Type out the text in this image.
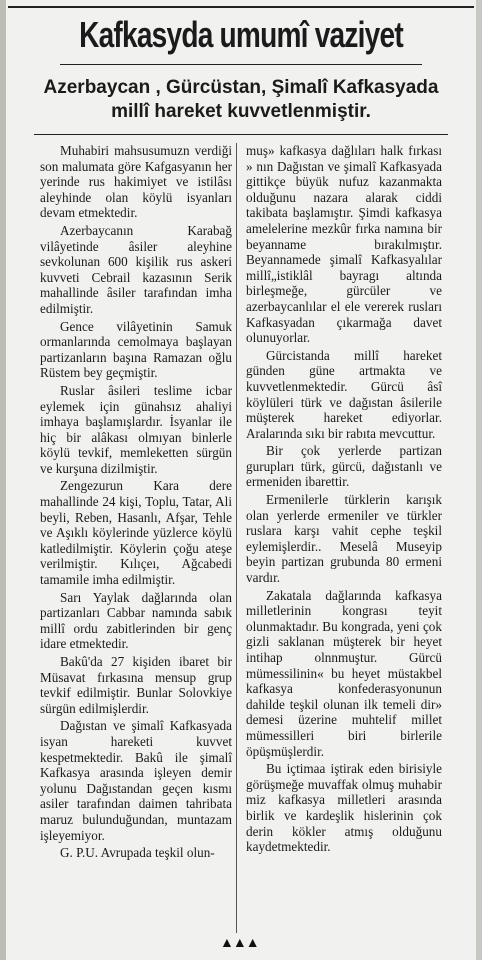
Kafkasyda umumî vaziyet
Azerbaycan , Gürcüstan, Şimalî Kafkasyada
millî hareket kuvvetlenmiştir.

Muhabiri mahsusumuzn verdiği son malumata göre Kafgasyanın her yerinde rus hakimiyet ve istilâsı aleyhinde olan köylü isyanları devam etmektedir.

Azerbaycanın Karabağ vilâyetinde âsiler aleyhine sevkolunan 600 kişilik rus askeri kuvveti Cebrail kazasının Serik mahallinde âsiler tarafından imha edilmiştir.

Gence vilâyetinin Samuk ormanlarında cemolmaya başlayan partizanların başına Ramazan oğlu Rüstem bey geçmiştir.

Ruslar âsileri teslime icbar eylemek için günahsız ahaliyi imhaya başlamışlardır. İsyanlar ile hiç bir alâkası olmıyan binlerle köylü tevkif, memleketten sürgün ve kurşuna dizilmiştir.

Zengezurun Kara dere mahallinde 24 kişi, Toplu, Tatar, Ali beyli, Reben, Hasanlı, Afşar, Tehle ve Aşıklı köylerinde yüzlerce köylü katledilmiştir. Köylerin çoğu ateşe verilmiştir. Kılıçeı, Ağcabedi tamamile imha edilmiştir.

Sarı Yaylak dağlarında olan partizanları Cabbar namında sabık millî ordu zabitlerinden bir genç idare etmektedir.

Bakû'da 27 kişiden ibaret bir Müsavat fırkasına mensup grup tevkif edilmiştir. Bunlar Solovkiye sürgün edilmişlerdir.

Dağıstan ve şimalî Kafkasyada isyan hareketi kuvvet kespetmektedir. Bakû ile şimalî Kafkasya arasında işleyen demir yolunu Dağıstandan geçen kısmı asiler tarafından daimen tahribata maruz bulunduğundan, muntazam işleyemiyor.

G. P.U. Avrupada teşkil olun-

muş» kafkasya dağlıları halk fırkası » nın Dağıstan ve şimalî Kafkasyada gittikçe büyük nufuz kazanmakta olduğunu nazara alarak ciddi takibata başlamıştır. Şimdi kafkasya amelelerine mezkûr fırka namına bir beyanname bırakılmıştır. Beyannamede şimalî Kafkasyalılar millî„istiklâl bayragı altında birleşmeğe, gürcüler ve azerbaycanlılar el ele vererek rusları Kafkasyadan çıkarmağa davet olunuyorlar.

Gürcistanda millî hareket günden güne artmakta ve kuvvetlenmektedir. Gürcü âsî köylüleri türk ve dağıstan âsilerile müşterek hareket ediyorlar. Aralarında sıkı bir rabıta mevcuttur.

Bir çok yerlerde partizan gurupları türk, gürcü, dağıstanlı ve ermeniden ibarettir.

Ermenilerle türklerin karışık olan yerlerde ermeniler ve türkler ruslara karşı vahit cephe teşkil eylemişlerdir.. Meselâ Museyip beyin partizan grubunda 80 ermeni vardır.

Zakatala dağlarında kafkasya milletlerinin kongrası teyit olunmaktadır. Bu kongrada, yeni çok gizli saklanan müşterek bir heyet intihap olnnmuştur. Gürcü mümessilinin« bu heyet müstakbel kafkasya konfederasyonunun dahilde teşkil olunan ilk temeli dir» demesi üzerine muhtelif millet mümessilleri biri birlerile öpüşmüşlerdir.

Bu içtimaa iştirak eden birisiyle görüşmeğe muvaffak olmuş muhabir miz kafkasya milletleri arasında birlik ve kardeşlik hislerinin çok derin kökler atmış olduğunu kaydetmektedir.

▲▲▲
